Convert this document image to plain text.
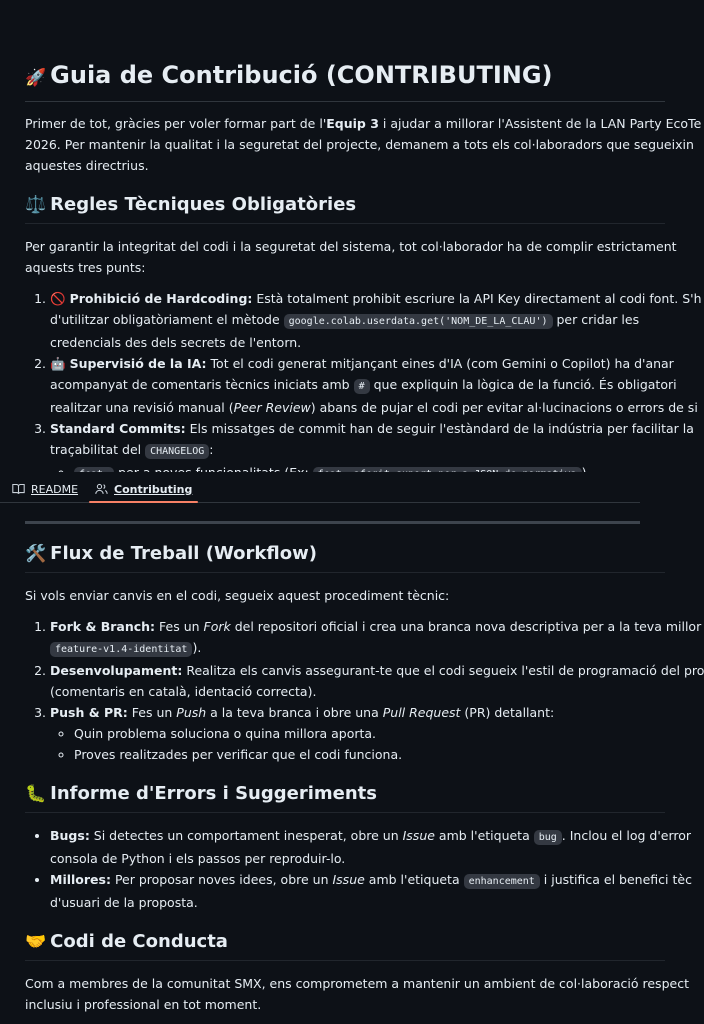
🚀 Guia de Contribució (CONTRIBUTING)

Primer de tot, gràcies per voler formar part de l'Equip 3 i ajudar a millorar l'Assistent de la LAN Party EcoTe
2026. Per mantenir la qualitat i la seguretat del projecte, demanem a tots els col·laboradors que segueixin
aquestes directrius.

⚖️ Regles Tècniques Obligatòries

Per garantir la integritat del codi i la seguretat del sistema, tot col·laborador ha de complir estrictament
aquests tres punts:

1. 🚫 Prohibició de Hardcoding: Està totalment prohibit escriure la API Key directament al codi font. S'h
d'utilitzar obligatòriament el mètode google.colab.userdata.get('NOM_DE_LA_CLAU') per cridar les
credencials des dels secrets de l'entorn.
2. 🤖 Supervisió de la IA: Tot el codi generat mitjançant eines d'IA (com Gemini o Copilot) ha d'anar
acompanyat de comentaris tècnics iniciats amb # que expliquin la lògica de la funció. És obligatori
realitzar una revisió manual (Peer Review) abans de pujar el codi per evitar al·lucinacions o errors de si
3. Standard Commits: Els missatges de commit han de seguir l'estàndard de la indústria per facilitar la
traçabilitat del CHANGELOG :
◦
README	Contributing
🛠️ Flux de Treball (Workflow)

Si vols enviar canvis en el codi, segueix aquest procediment tècnic:

1. Fork & Branch: Fes un Fork del repositori oficial i crea una branca nova descriptiva per a la teva millor
feature-v1.4-identitat ).
2. Desenvolupament: Realitza els canvis assegurant-te que el codi segueix l'estil de programació del pro
(comentaris en català, identació correcta).
3. Push & PR: Fes un Push a la teva branca i obre una Pull Request (PR) detallant:
◦ Quin problema soluciona o quina millora aporta.
◦ Proves realitzades per verificar que el codi funciona.
🐛 Informe d'Errors i Suggeriments
• Bugs: Si detectes un comportament inesperat, obre un Issue amb l'etiqueta bug . Inclou el log d'error
consola de Python i els passos per reproduir-lo.
• Millores: Per proposar noves idees, obre un Issue amb l'etiqueta enhancement i justifica el benefici tèc
d'usuari de la proposta.
🤝 Codi de Conducta

Com a membres de la comunitat SMX, ens comprometem a mantenir un ambient de col·laboració respect
inclusiu i professional en tot moment.
